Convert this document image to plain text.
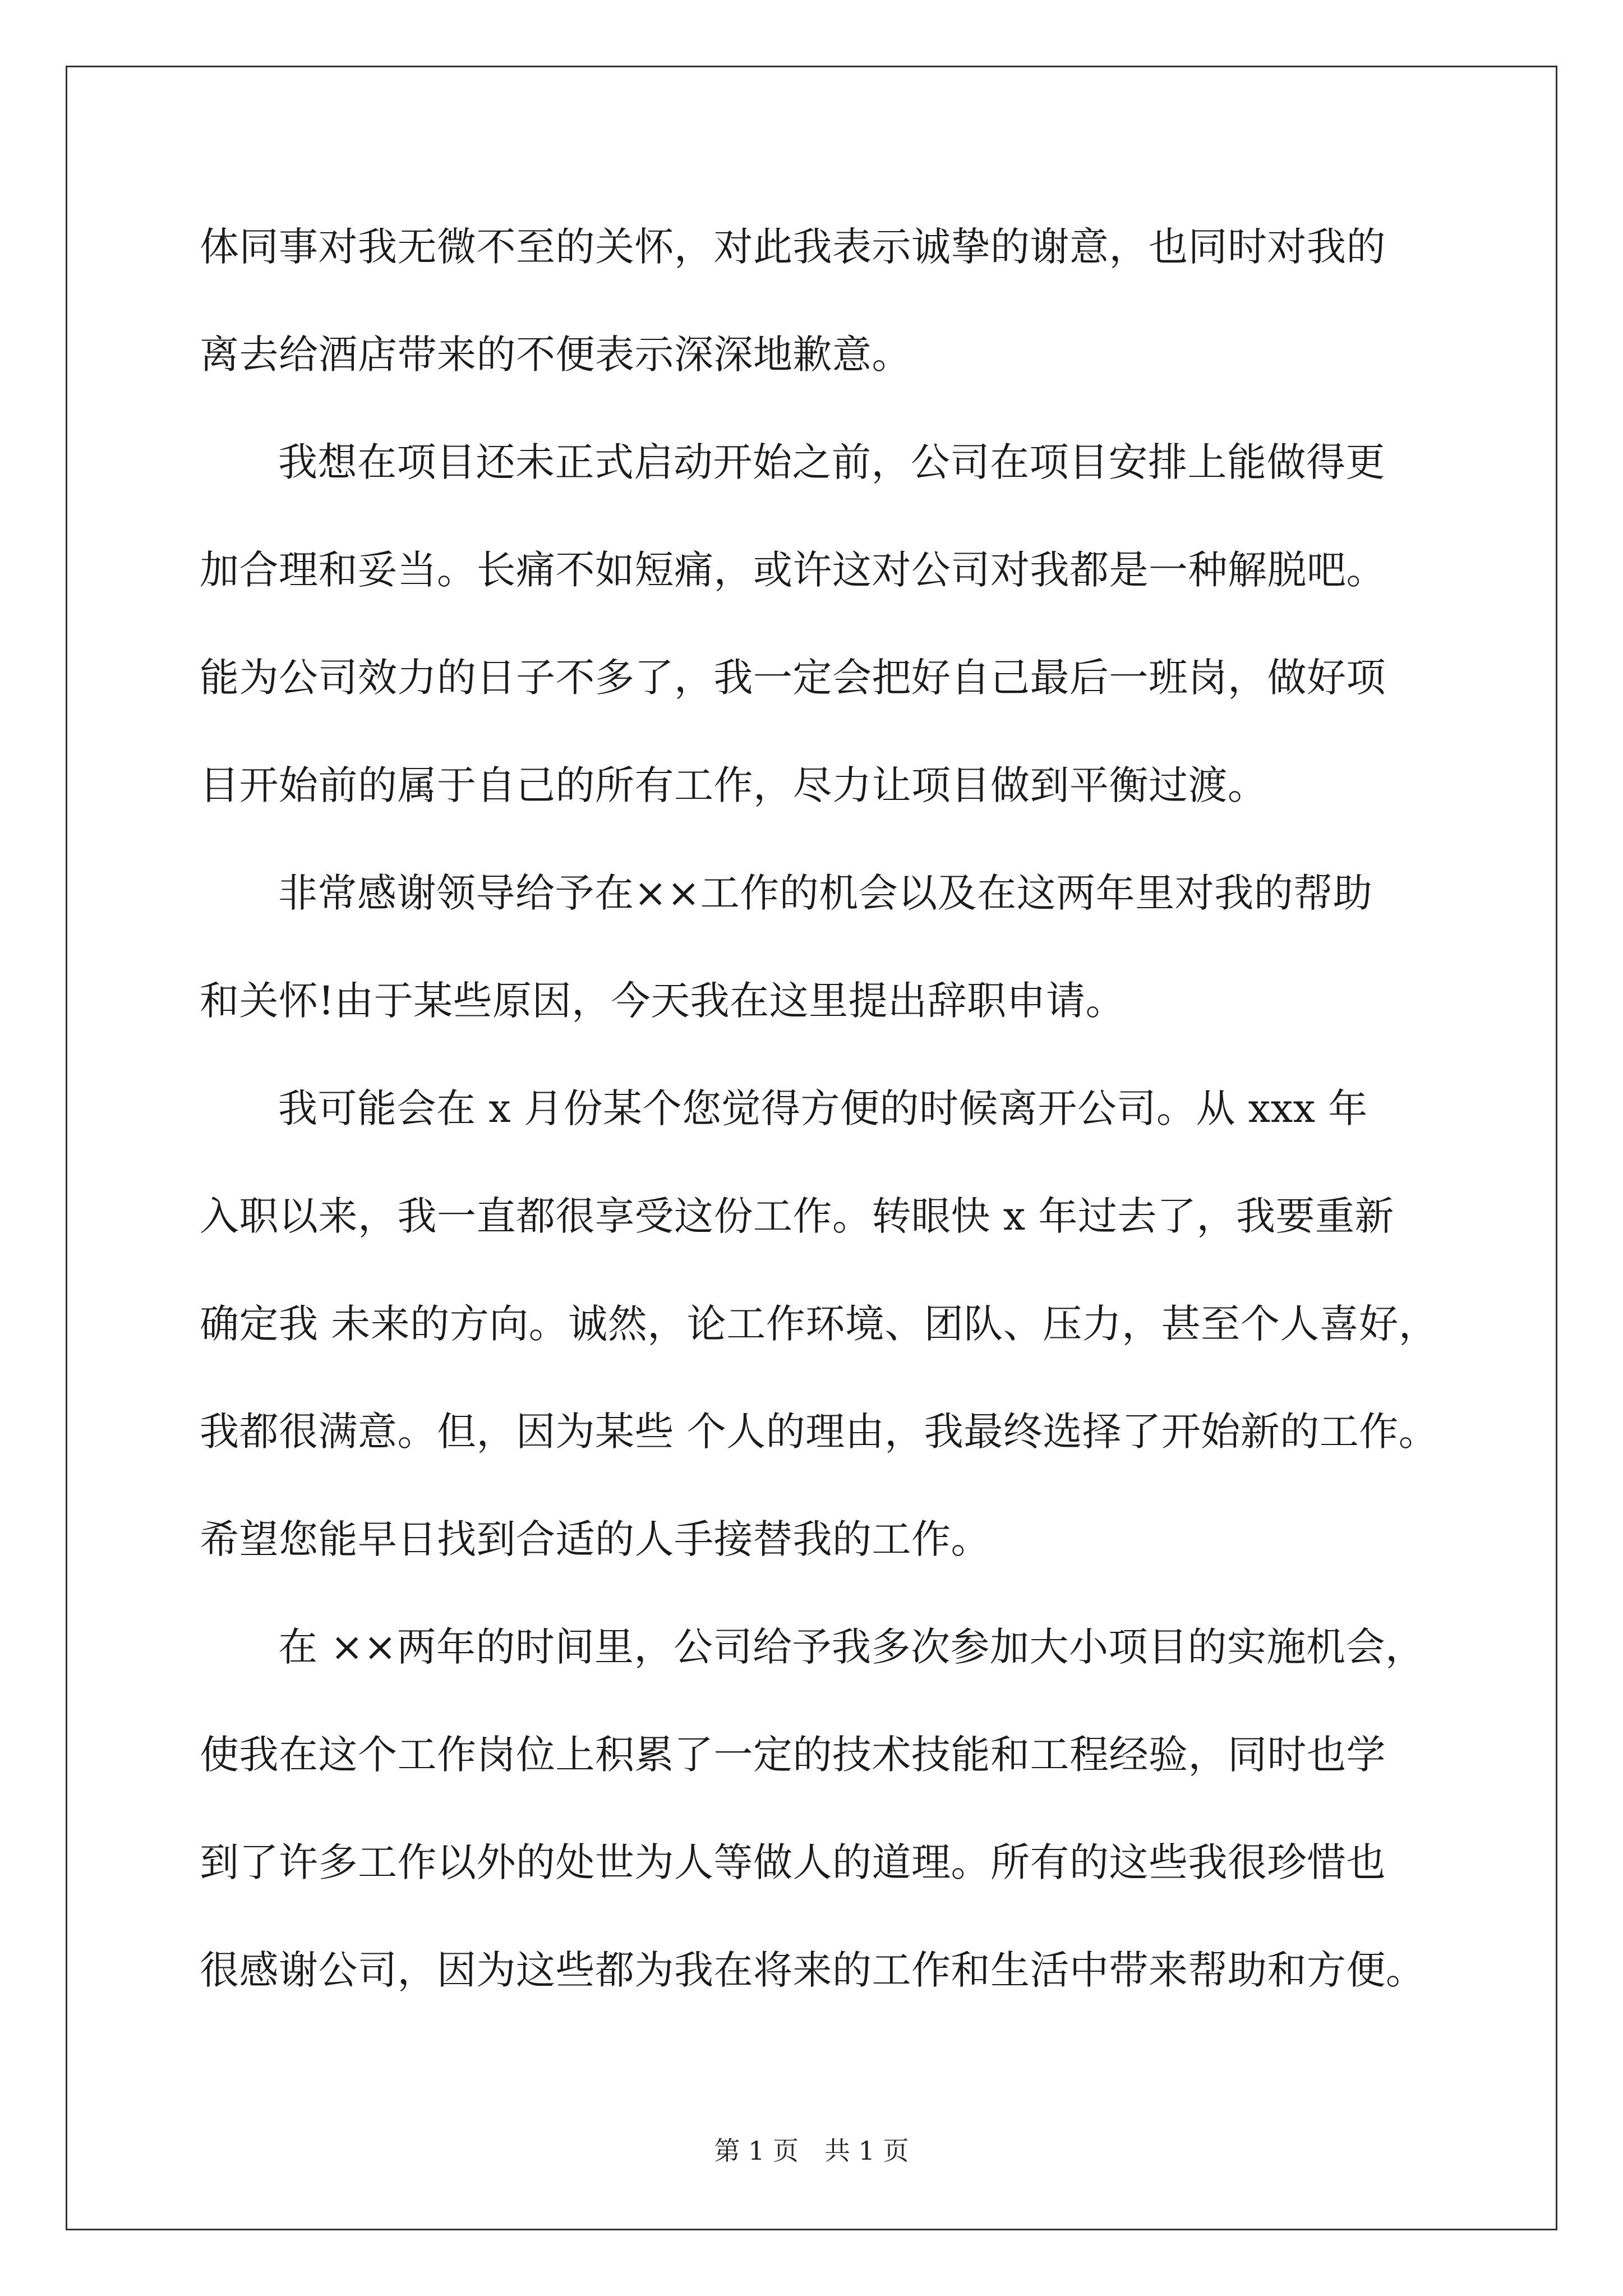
体同事对我无微不至的关怀，对此我表示诚挚的谢意，也同时对我的
离去给酒店带来的不便表示深深地歉意。
我想在项目还未正式启动开始之前，公司在项目安排上能做得更
加合理和妥当。长痛不如短痛，或许这对公司对我都是一种解脱吧。
能为公司效力的日子不多了，我一定会把好自己最后一班岗，做好项
目开始前的属于自己的所有工作，尽力让项目做到平衡过渡。
非常感谢领导给予在××工作的机会以及在这两年里对我的帮助
和关怀!由于某些原因，今天我在这里提出辞职申请。
我可能会在 x 月份某个您觉得方便的时候离开公司。从 xxx 年
入职以来，我一直都很享受这份工作。转眼快 x 年过去了，我要重新
确定我 未来的方向。诚然，论工作环境、团队、压力，甚至个人喜好，
我都很满意。但，因为某些 个人的理由，我最终选择了开始新的工作。
希望您能早日找到合适的人手接替我的工作。
在 ××两年的时间里，公司给予我多次参加大小项目的实施机会，
使我在这个工作岗位上积累了一定的技术技能和工程经验，同时也学
到了许多工作以外的处世为人等做人的道理。所有的这些我很珍惜也
很感谢公司，因为这些都为我在将来的工作和生活中带来帮助和方便。
第 1 页　共 1 页
